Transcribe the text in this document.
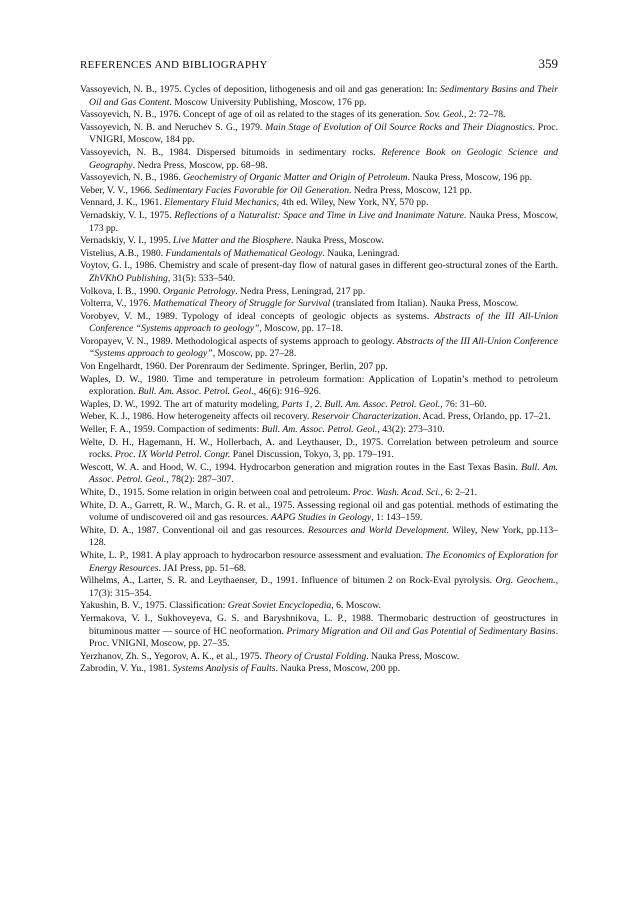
REFERENCES AND BIBLIOGRAPHY	359

Vassoyevich, N. B., 1975. Cycles of deposition, lithogenesis and oil and gas generation: In: Sedimentary Basins and Their Oil and Gas Content. Moscow University Publishing, Moscow, 176 pp.

Vassoyevich, N. B., 1976. Concept of age of oil as related to the stages of its generation. Sov. Geol., 2: 72–78.

Vassoyevich, N. B. and Neruchev S. G., 1979. Main Stage of Evolution of Oil Source Rocks and Their Diagnostics. Proc. VNIGRI, Moscow, 184 pp.

Vassoyevich, N. B., 1984. Dispersed bitumoids in sedimentary rocks. Reference Book on Geologic Science and Geography. Nedra Press, Moscow, pp. 68–98.

Vassoyevich, N. B., 1986. Geochemistry of Organic Matter and Origin of Petroleum. Nauka Press, Moscow, 196 pp.

Veber, V. V., 1966. Sedimentary Facies Favorable for Oil Generation. Nedra Press, Moscow, 121 pp.

Vennard, J. K., 1961. Elementary Fluid Mechanics, 4th ed. Wiley, New York, NY, 570 pp.

Vernadskiy, V. I., 1975. Reflections of a Naturalist: Space and Time in Live and Inanimate Nature. Nauka Press, Moscow, 173 pp.

Vernadskiy, V. I., 1995. Live Matter and the Biosphere. Nauka Press, Moscow.

Vistelius, A.B., 1980. Fundamentals of Mathematical Geology. Nauka, Leningrad.

Voytov, G. I., 1986. Chemistry and scale of present-day flow of natural gases in different geo-structural zones of the Earth. ZhVKhO Publishing, 31(5): 533–540.

Volkova, I. B., 1990. Organic Petrology. Nedra Press, Leningrad, 217 pp.

Volterra, V., 1976. Mathematical Theory of Struggle for Survival (translated from Italian). Nauka Press, Moscow.

Vorobyev, V. M., 1989. Typology of ideal concepts of geologic objects as systems. Abstracts of the III All-Union Conference “Systems approach to geology”, Moscow, pp. 17–18.

Voropayev, V. N., 1989. Methodological aspects of systems approach to geology. Abstracts of the III All-Union Conference “Systems approach to geology”, Moscow, pp. 27–28.

Von Engelhardt, 1960. Der Porenraum der Sedimente. Springer, Berlin, 207 pp.

Waples, D. W., 1980. Time and temperature in petroleum formation: Application of Lopatin’s method to petroleum exploration. Bull. Am. Assoc. Petrol. Geol., 46(6): 916–926.

Waples, D. W., 1992. The art of maturity modeling, Parts 1, 2. Bull. Am. Assoc. Petrol. Geol., 76: 31–60.

Weber, K. J., 1986. How heterogeneity affects oil recovery. Reservoir Characterization. Acad. Press, Orlando, pp. 17–21.

Weller, F. A., 1959. Compaction of sediments: Bull. Am. Assoc. Petrol. Geol., 43(2): 273–310.

Welte, D. H., Hagemann, H. W., Hollerbach, A. and Leythauser, D., 1975. Correlation between petroleum and source rocks. Proc. IX World Petrol. Congr. Panel Discussion, Tokyo, 3, pp. 179–191.

Wescott, W. A. and Hood, W. C., 1994. Hydrocarbon generation and migration routes in the East Texas Basin. Bull. Am. Assoc. Petrol. Geol., 78(2): 287–307.

White, D., 1915. Some relation in origin between coal and petroleum. Proc. Wash. Acad. Sci., 6: 2–21.

White, D. A., Garrett, R. W., March, G. R. et al., 1975. Assessing regional oil and gas potential. methods of estimating the volume of undiscovered oil and gas resources. AAPG Studies in Geology, 1: 143–159.

White, D. A., 1987. Conventional oil and gas resources. Resources and World Development. Wiley, New York, pp.113–128.

White, L. P., 1981. A play approach to hydrocarbon resource assessment and evaluation. The Economics of Exploration for Energy Resources. JAI Press, pp. 51–68.

Wilhelms, A., Larter, S. R. and Leythaenser, D., 1991. Influence of bitumen 2 on Rock-Eval pyrolysis. Org. Geochem., 17(3): 315–354.

Yakushin, B. V., 1975. Classification: Great Soviet Encyclopedia, 6. Moscow.

Yermakova, V. I., Sukhoveyeva, G. S. and Baryshnikova, L. P., 1988. Thermobaric destruction of geostructures in bituminous matter — source of HC neoformation. Primary Migration and Oil and Gas Potential of Sedimentary Basins. Proc. VNIGNI, Moscow, pp. 27–35.

Yerzhanov, Zh. S., Yegorov, A. K., et al., 1975. Theory of Crustal Folding. Nauka Press, Moscow.

Zabrodin, V. Yu., 1981. Systems Analysis of Faults. Nauka Press, Moscow, 200 pp.
